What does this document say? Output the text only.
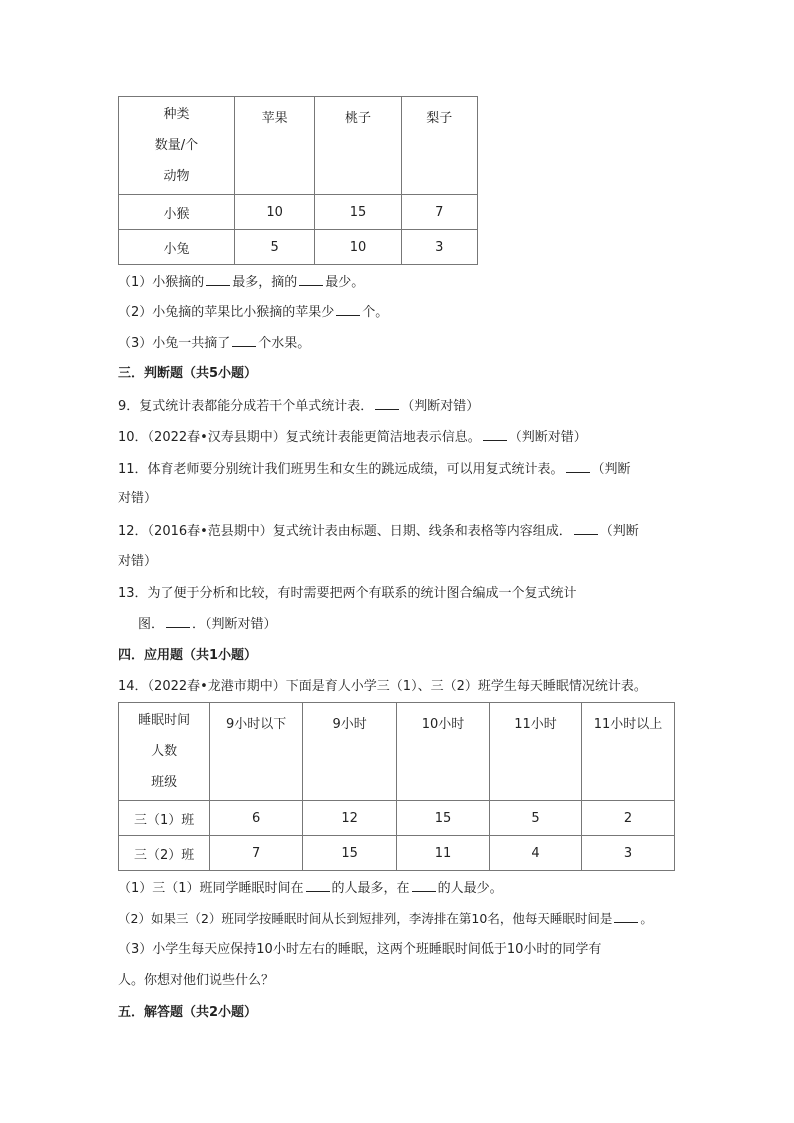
种类
数量/个
动物	苹果	桃子	梨子
小猴	10	15	7
小兔	5	10	3
（1）小猴摘的 最多，摘的 最少。
（2）小兔摘的苹果比小猴摘的苹果少 个。
（3）小兔一共摘了 个水果。
三．判断题（共5小题）
9．复式统计表都能分成若干个单式统计表． （判断对错）
10．（2022春•汉寿县期中）复式统计表能更简洁地表示信息。 （判断对错）
11．体育老师要分别统计我们班男生和女生的跳远成绩，可以用复式统计表。 （判断
对错）
12．（2016春•范县期中）复式统计表由标题、日期、线条和表格等内容组成． （判断
对错）
13．为了便于分析和比较，有时需要把两个有联系的统计图合编成一个复式统计
图． ．（判断对错）
四．应用题（共1小题）
14．（2022春•龙港市期中）下面是育人小学三（1）、三（2）班学生每天睡眠情况统计表。
睡眠时间
人数
班级	9小时以下	9小时	10小时	11小时	11小时以上
三（1）班	6	12	15	5	2
三（2）班	7	15	11	4	3
（1）三（1）班同学睡眠时间在 的人最多，在 的人最少。
（2）如果三（2）班同学按睡眠时间从长到短排列，李涛排在第10名，他每天睡眠时间是 。
（3）小学生每天应保持10小时左右的睡眠，这两个班睡眠时间低于10小时的同学有
人。你想对他们说些什么？
五．解答题（共2小题）
